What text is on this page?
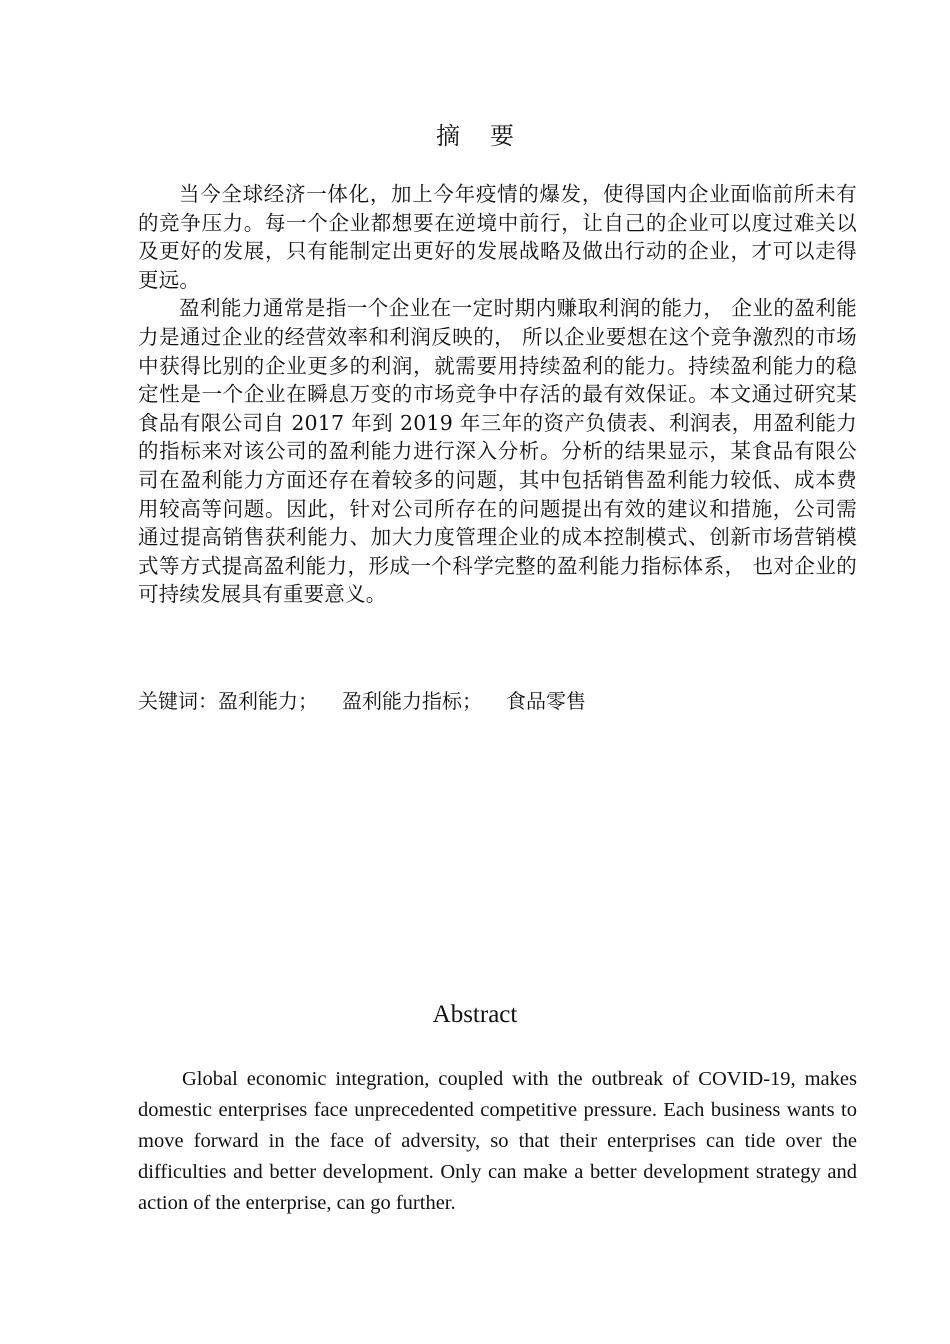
摘要

当今全球经济一体化，加上今年疫情的爆发，使得国内企业面临前所未有的竞争压力。每一个企业都想要在逆境中前行，让自己的企业可以度过难关以及更好的发展，只有能制定出更好的发展战略及做出行动的企业，才可以走得更远。

盈利能力通常是指一个企业在一定时期内赚取利润的能力， 企业的盈利能力是通过企业的经营效率和利润反映的， 所以企业要想在这个竞争激烈的市场中获得比别的企业更多的利润，就需要用持续盈利的能力。持续盈利能力的稳定性是一个企业在瞬息万变的市场竞争中存活的最有效保证。本文通过研究某食品有限公司自 2017 年到 2019 年三年的资产负债表、利润表，用盈利能力的指标来对该公司的盈利能力进行深入分析。分析的结果显示，某食品有限公司在盈利能力方面还存在着较多的问题，其中包括销售盈利能力较低、成本费用较高等问题。因此，针对公司所存在的问题提出有效的建议和措施，公司需通过提高销售获利能力、加大力度管理企业的成本控制模式、创新市场营销模式等方式提高盈利能力，形成一个科学完整的盈利能力指标体系， 也对企业的可持续发展具有重要意义。

关键词：盈利能力； 盈利能力指标； 食品零售
Abstract

Global economic integration, coupled with the outbreak of COVID-19, makes domestic enterprises face unprecedented competitive pressure. Each business wants to move forward in the face of adversity, so that their enterprises can tide over the difficulties and better development. Only can make a better development strategy and action of the enterprise, can go further.
